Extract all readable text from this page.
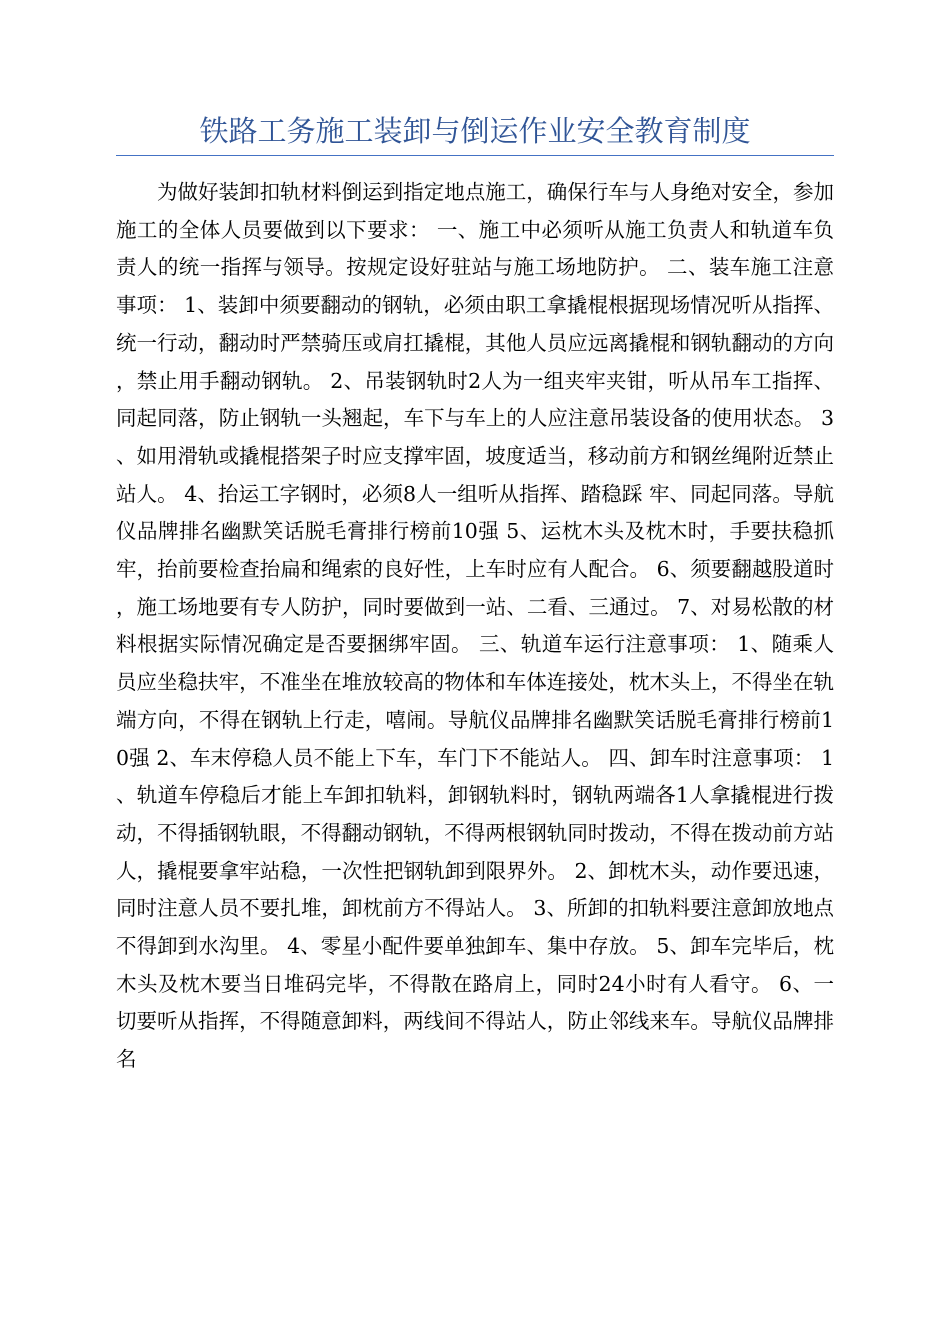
铁路工务施工装卸与倒运作业安全教育制度

为做好装卸扣轨材料倒运到指定地点施工，确保行车与人身绝对安全，参加施工的全体人员要做到以下要求： 一、施工中必须听从施工负责人和轨道车负责人的统一指挥与领导。按规定设好驻站与施工场地防护。 二、装车施工注意事项： 1、装卸中须要翻动的钢轨，必须由职工拿撬棍根据现场情况听从指挥、统一行动，翻动时严禁骑压或肩扛撬棍，其他人员应远离撬棍和钢轨翻动的方向，禁止用手翻动钢轨。 2、吊装钢轨时2人为一组夹牢夹钳，听从吊车工指挥、同起同落，防止钢轨一头翘起，车下与车上的人应注意吊装设备的使用状态。 3、如用滑轨或撬棍搭架子时应支撑牢固，坡度适当，移动前方和钢丝绳附近禁止站人。 4、抬运工字钢时，必须8人一组听从指挥、踏稳踩 牢、同起同落。导航仪品牌排名幽默笑话脱毛膏排行榜前10强 5、运枕木头及枕木时，手要扶稳抓牢，抬前要检查抬扁和绳索的良好性，上车时应有人配合。 6、须要翻越股道时，施工场地要有专人防护，同时要做到一站、二看、三通过。 7、对易松散的材料根据实际情况确定是否要捆绑牢固。 三、轨道车运行注意事项： 1、随乘人员应坐稳扶牢，不准坐在堆放较高的物体和车体连接处，枕木头上，不得坐在轨端方向，不得在钢轨上行走，嘻闹。导航仪品牌排名幽默笑话脱毛膏排行榜前10强 2、车末停稳人员不能上下车，车门下不能站人。 四、卸车时注意事项： 1、轨道车停稳后才能上车卸扣轨料，卸钢轨料时，钢轨两端各1人拿撬棍进行拨动，不得插钢轨眼，不得翻动钢轨，不得两根钢轨同时拨动，不得在拨动前方站人，撬棍要拿牢站稳，一次性把钢轨卸到限界外。 2、卸枕木头，动作要迅速，同时注意人员不要扎堆，卸枕前方不得站人。 3、所卸的扣轨料要注意卸放地点不得卸到水沟里。 4、零星小配件要单独卸车、集中存放。 5、卸车完毕后，枕木头及枕木要当日堆码完毕，不得散在路肩上，同时24小时有人看守。 6、一切要听从指挥，不得随意卸料，两线间不得站人，防止邻线来车。导航仪品牌排名
